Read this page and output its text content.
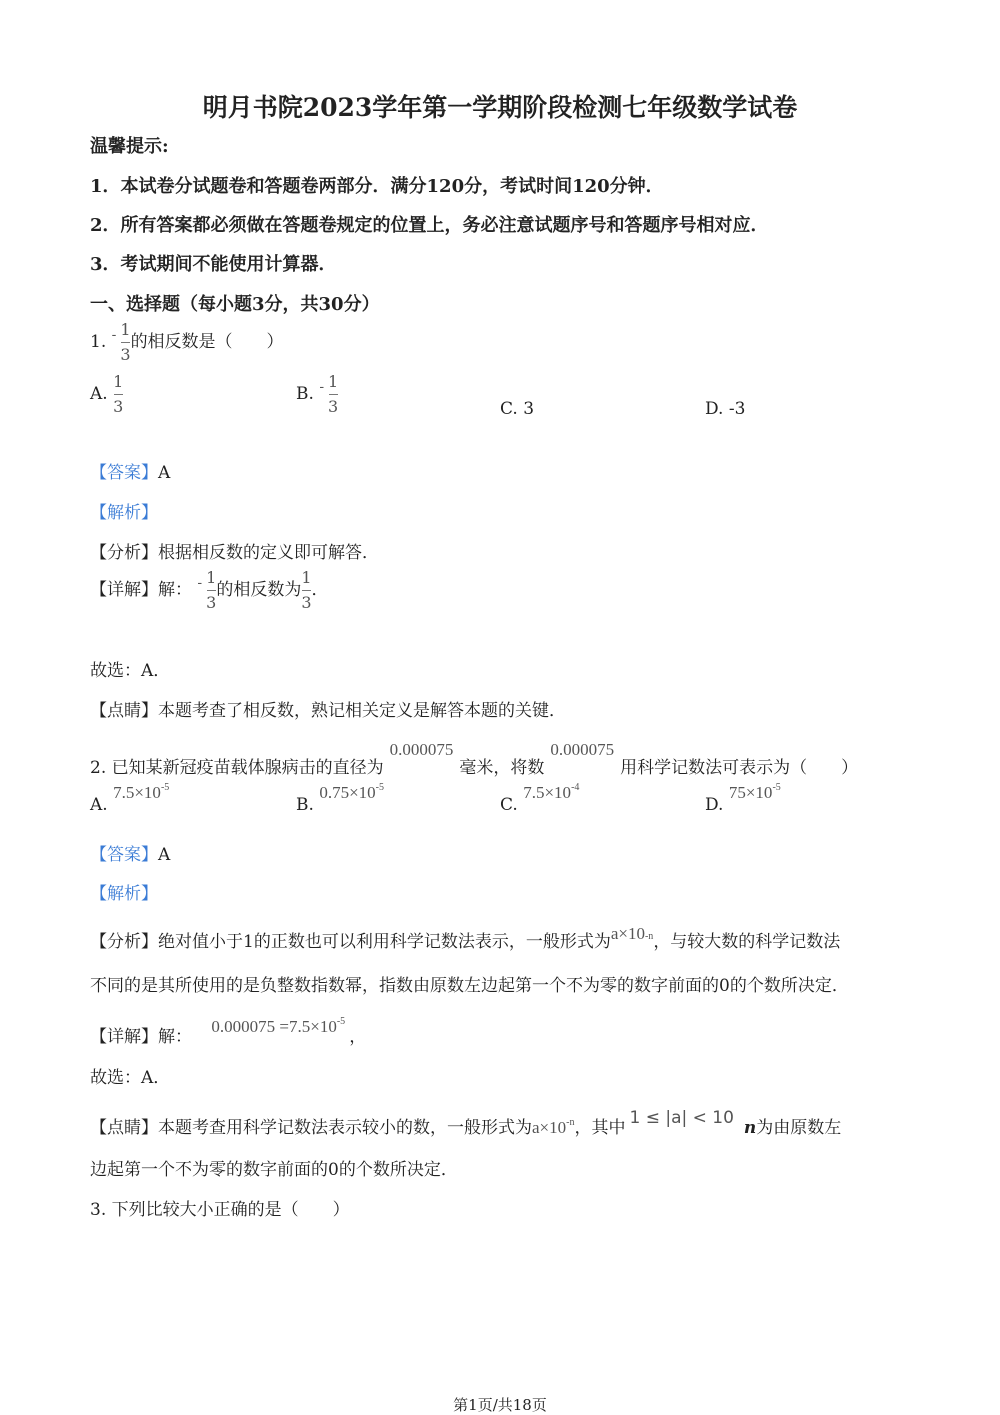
明月书院2023学年第一学期阶段检测七年级数学试卷
温馨提示:
1．本试卷分试题卷和答题卷两部分．满分120分，考试时间120分钟．
2．所有答案都必须做在答题卷规定的位置上，务必注意试题序号和答题序号相对应．
3．考试期间不能使用计算器．
一、选择题（每小题3分，共30分）
1. $^- \frac{1}{3}$ 的相反数是（　　）
A. $\frac{1}{3}$	B. $^- \frac{1}{3}$	C. 3	D. -3
【答案】A
【解析】
【分析】根据相反数的定义即可解答．
【详解】解： $^- \frac{1}{3}$ 的相反数为 $\frac{1}{3}$ ．
故选：A．
【点睛】本题考查了相反数，熟记相关定义是解答本题的关键．
2. 已知某新冠疫苗载体腺病击的直径为0.000075毫米，将数0.000075用科学记数法可表示为（　　）
A. $7.5\times 10^{-5}$
B. $0.75\times 10^{-5}$
C. $7.5\times 10^{-4}$
D. $75\times 10^{-5}$
【答案】A
【解析】
【分析】绝对值小于1的正数也可以利用科学记数法表示，一般形式为$a\times 10^{-n}$，与较大数的科学记数法
不同的是其所使用的是负整数指数幂，指数由原数左边起第一个不为零的数字前面的0的个数所决定．
【详解】解： $0.000075 =7.5\times 10^{-5}$，
故选：A．
【点睛】本题考查用科学记数法表示较小的数，一般形式为$a\times 10^{-n}$，其中 1 ≤ |a| < 10 n为由原数左
边起第一个不为零的数字前面的0的个数所决定．
3. 下列比较大小正确的是（　　）
第1页/共18页
